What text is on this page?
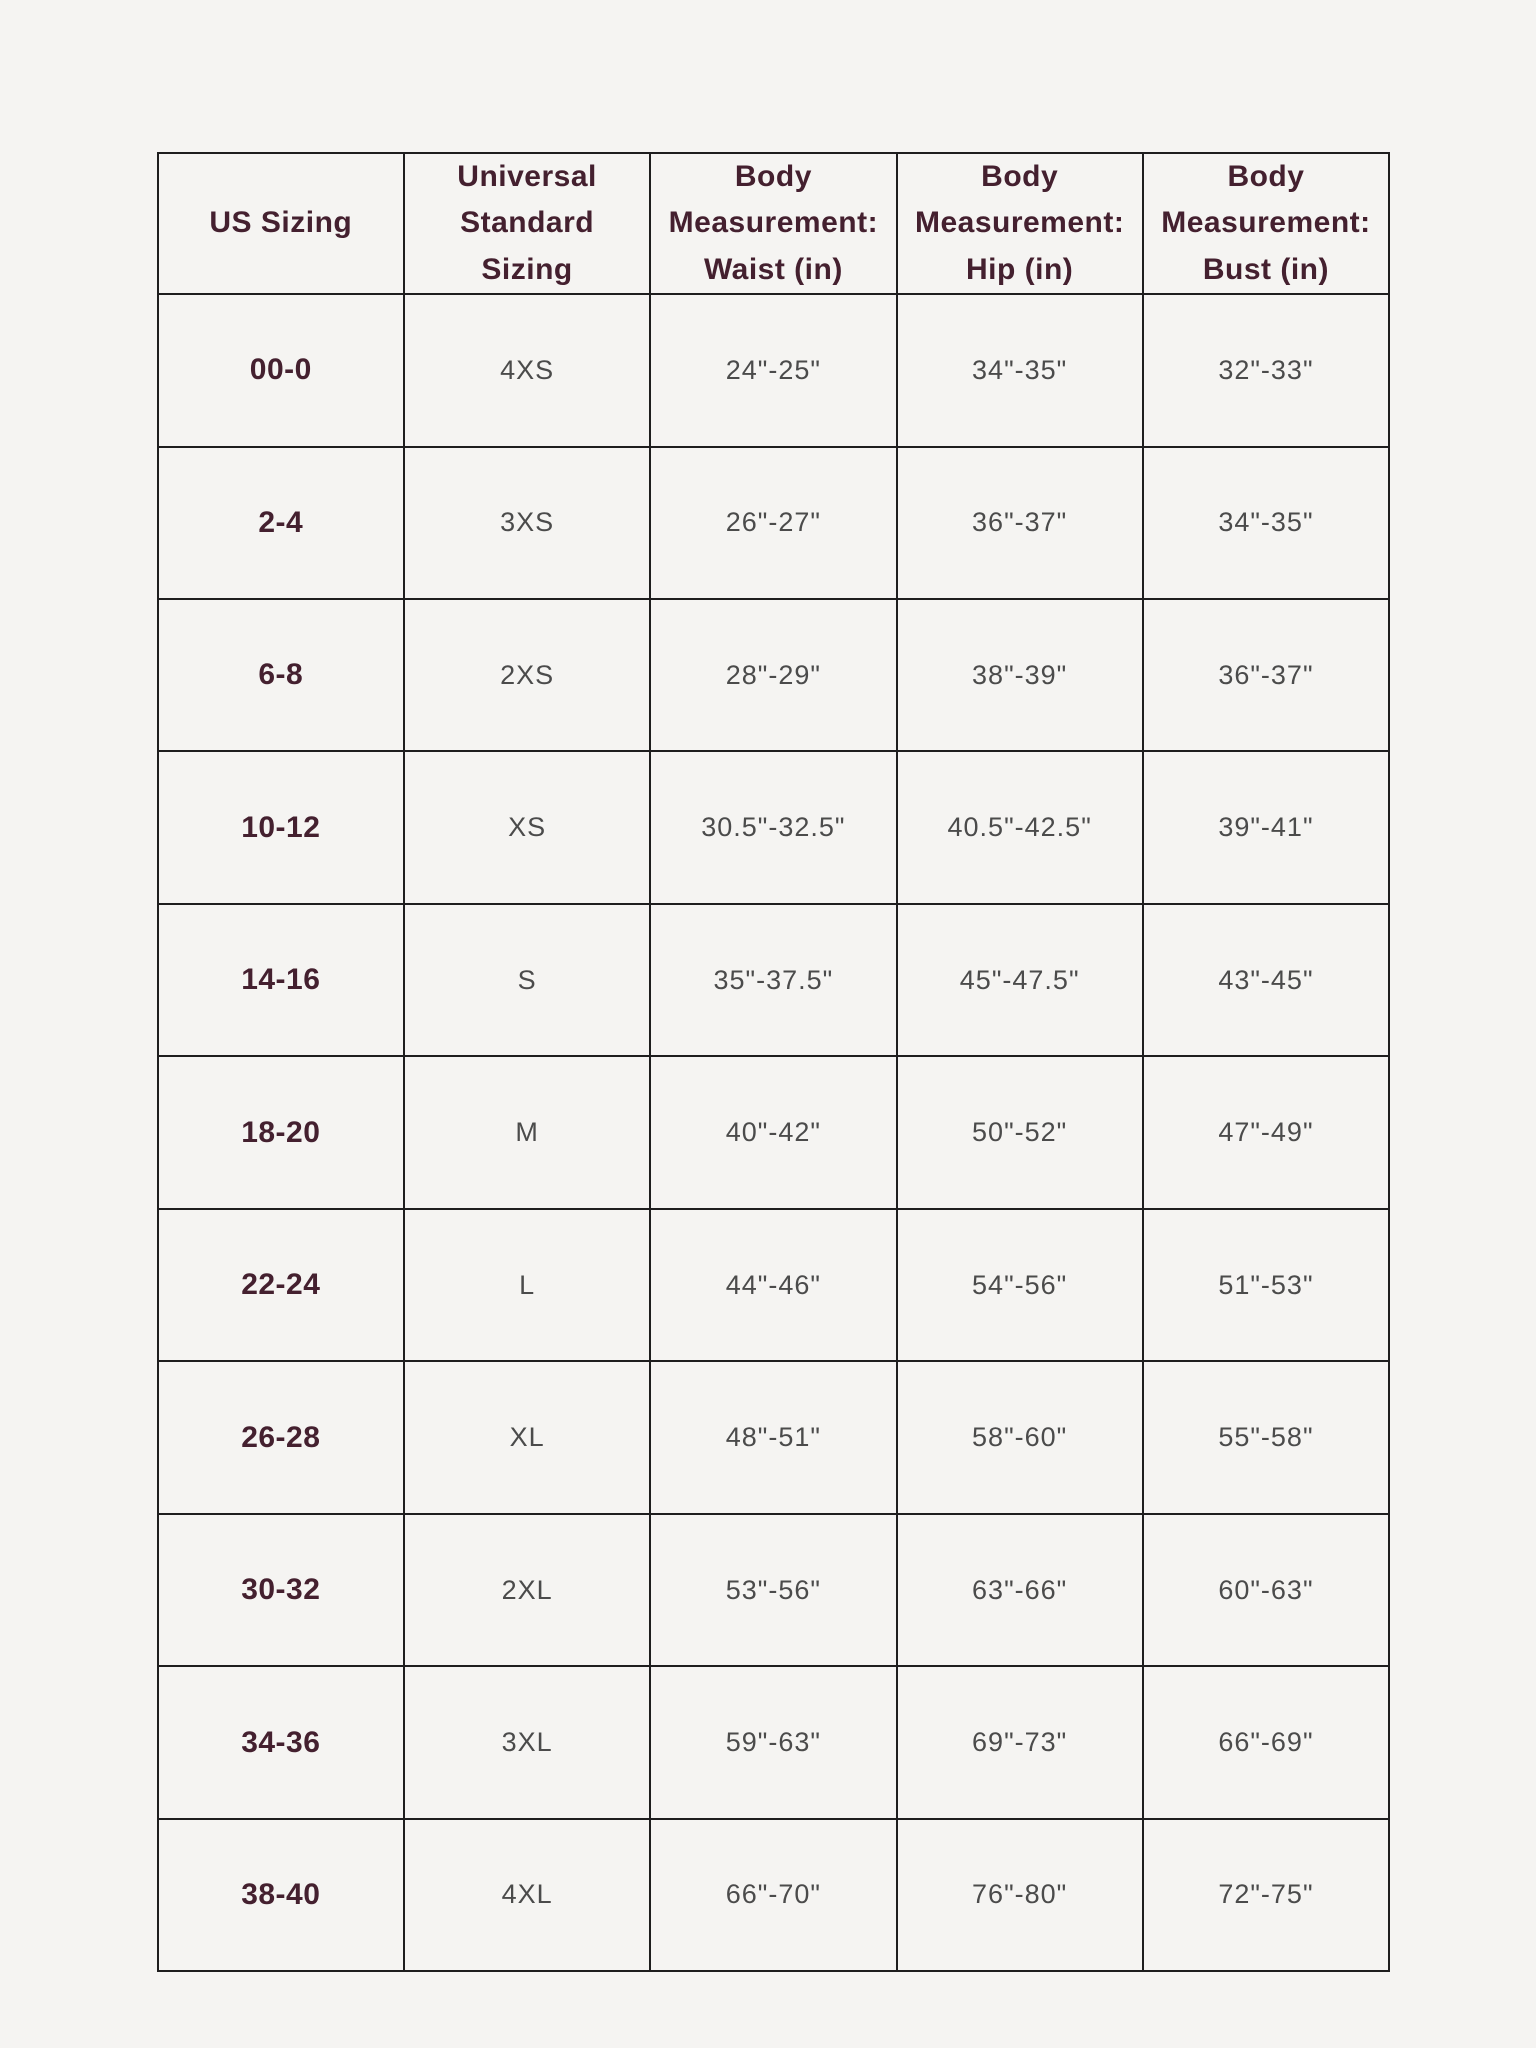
US Sizing	Universal Standard Sizing	Body Measurement: Waist (in)	Body Measurement: Hip (in)	Body Measurement: Bust (in)
00-0	4XS	24"-25"	34"-35"	32"-33"
2-4	3XS	26"-27"	36"-37"	34"-35"
6-8	2XS	28"-29"	38"-39"	36"-37"
10-12	XS	30.5"-32.5"	40.5"-42.5"	39"-41"
14-16	S	35"-37.5"	45"-47.5"	43"-45"
18-20	M	40"-42"	50"-52"	47"-49"
22-24	L	44"-46"	54"-56"	51"-53"
26-28	XL	48"-51"	58"-60"	55"-58"
30-32	2XL	53"-56"	63"-66"	60"-63"
34-36	3XL	59"-63"	69"-73"	66"-69"
38-40	4XL	66"-70"	76"-80"	72"-75"
